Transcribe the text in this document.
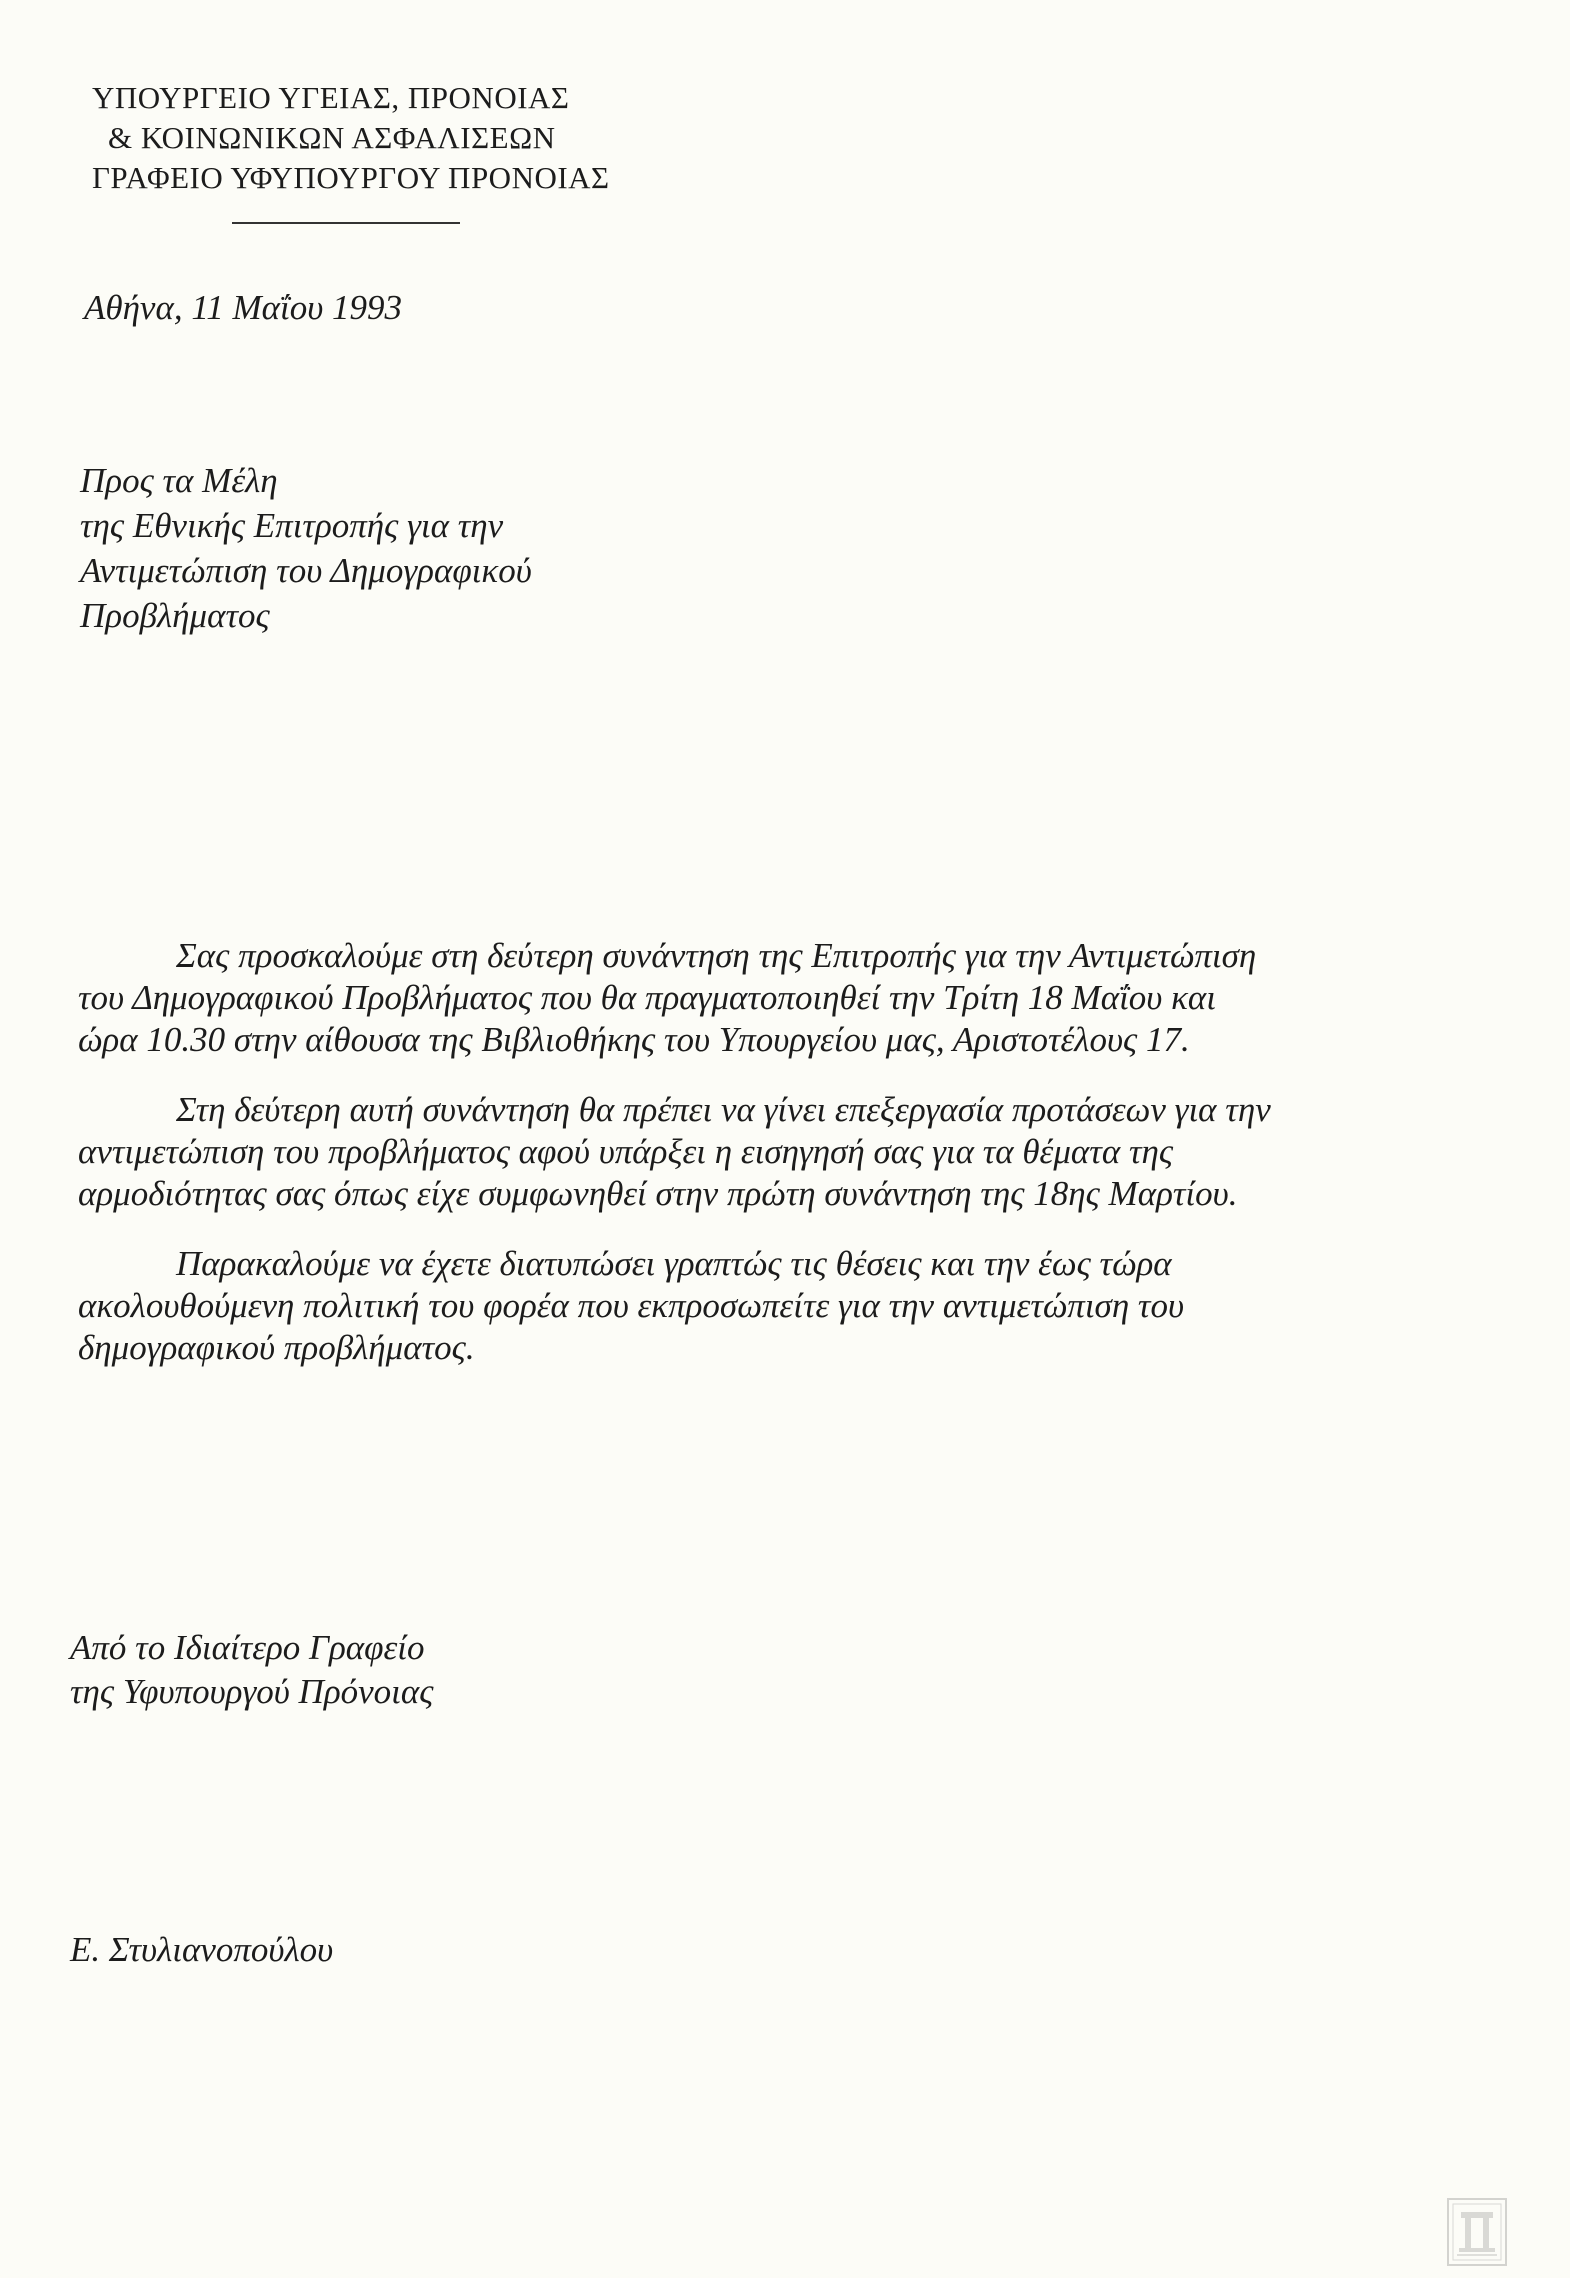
ΥΠΟΥΡΓΕΙΟ ΥΓΕΙΑΣ, ΠΡΟΝΟΙΑΣ
& ΚΟΙΝΩΝΙΚΩΝ ΑΣΦΑΛΙΣΕΩΝ
ΓΡΑΦΕΙΟ ΥΦΥΠΟΥΡΓΟΥ ΠΡΟΝΟΙΑΣ
Αθήνα, 11 Μαΐου 1993
Προς τα Μέλη
της Εθνικής Επιτροπής για την
Αντιμετώπιση του Δημογραφικού
Προβλήματος
Σας προσκαλούμε στη δεύτερη συνάντηση της Επιτροπής για την Αντιμετώπιση
του Δημογραφικού Προβλήματος που θα πραγματοποιηθεί την Τρίτη 18 Μαΐου και
ώρα 10.30 στην αίθουσα της Βιβλιοθήκης του Υπουργείου μας, Αριστοτέλους 17.
Στη δεύτερη αυτή συνάντηση θα πρέπει να γίνει επεξεργασία προτάσεων για την
αντιμετώπιση του προβλήματος αφού υπάρξει η εισηγησή σας για τα θέματα της
αρμοδιότητας σας όπως είχε συμφωνηθεί στην πρώτη συνάντηση της 18ης Μαρτίου.
Παρακαλούμε να έχετε διατυπώσει γραπτώς τις θέσεις και την έως τώρα
ακολουθούμενη πολιτική του φορέα που εκπροσωπείτε για την αντιμετώπιση του
δημογραφικού προβλήματος.
Από το Ιδιαίτερο Γραφείο
της Υφυπουργού Πρόνοιας
Ε. Στυλιανοπούλου
